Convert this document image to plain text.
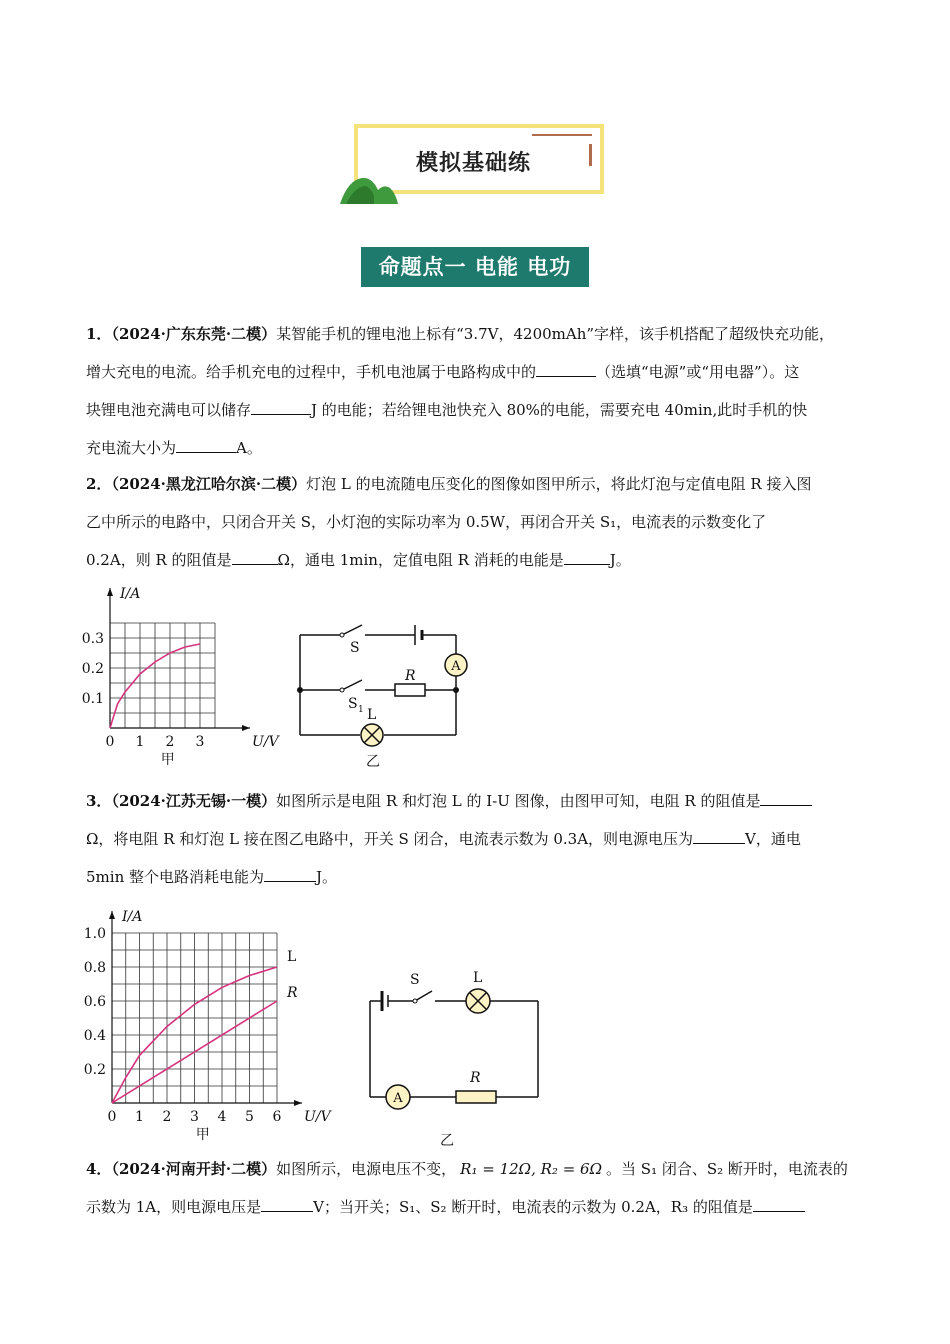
模拟基础练
命题点一 电能 电功
1．（2024·广东东莞·二模）某智能手机的锂电池上标有“3.7V，4200mAh”字样，该手机搭配了超级快充功能，
增大充电的电流。给手机充电的过程中，手机电池属于电路构成中的	（选填“电源”或“用电器”）。这
块锂电池充满电可以储存	J 的电能；若给锂电池快充入 80%的电能，需要充电 40min,此时手机的快
充电流大小为	A。
2．（2024·黑龙江哈尔滨·二模）灯泡 L 的电流随电压变化的图像如图甲所示，将此灯泡与定值电阻 R 接入图
乙中所示的电路中，只闭合开关 S，小灯泡的实际功率为 0.5W，再闭合开关 S₁，电流表的示数变化了
0.2A，则 R 的阻值是	Ω，通电 1min，定值电阻 R 消耗的电能是	J。
0 1 2 3
0.1
0.2
0.3
U/V
I/A
甲
A
S
S 1
R
L
乙
3．（2024·江苏无锡·一模）如图所示是电阻 R 和灯泡 L 的 I-U 图像，由图甲可知，电阻 R 的阻值是
Ω，将电阻 R 和灯泡 L 接在图乙电路中，开关 S 闭合，电流表示数为 0.3A，则电源电压为	V，通电
5min 整个电路消耗电能为	J。
0 1 2 3 4 5 6
0.2
0.4
0.6
0.8
1.0
U/V
I/A
L
R
甲
A
S	L
R
乙
4．（2024·河南开封·二模）如图所示，电源电压不变， R₁ = 12Ω, R₂ = 6Ω 。当 S₁ 闭合、S₂ 断开时，电流表的
示数为 1A，则电源电压是	V；当开关；S₁、S₂ 断开时，电流表的示数为 0.2A，R₃ 的阻值是
